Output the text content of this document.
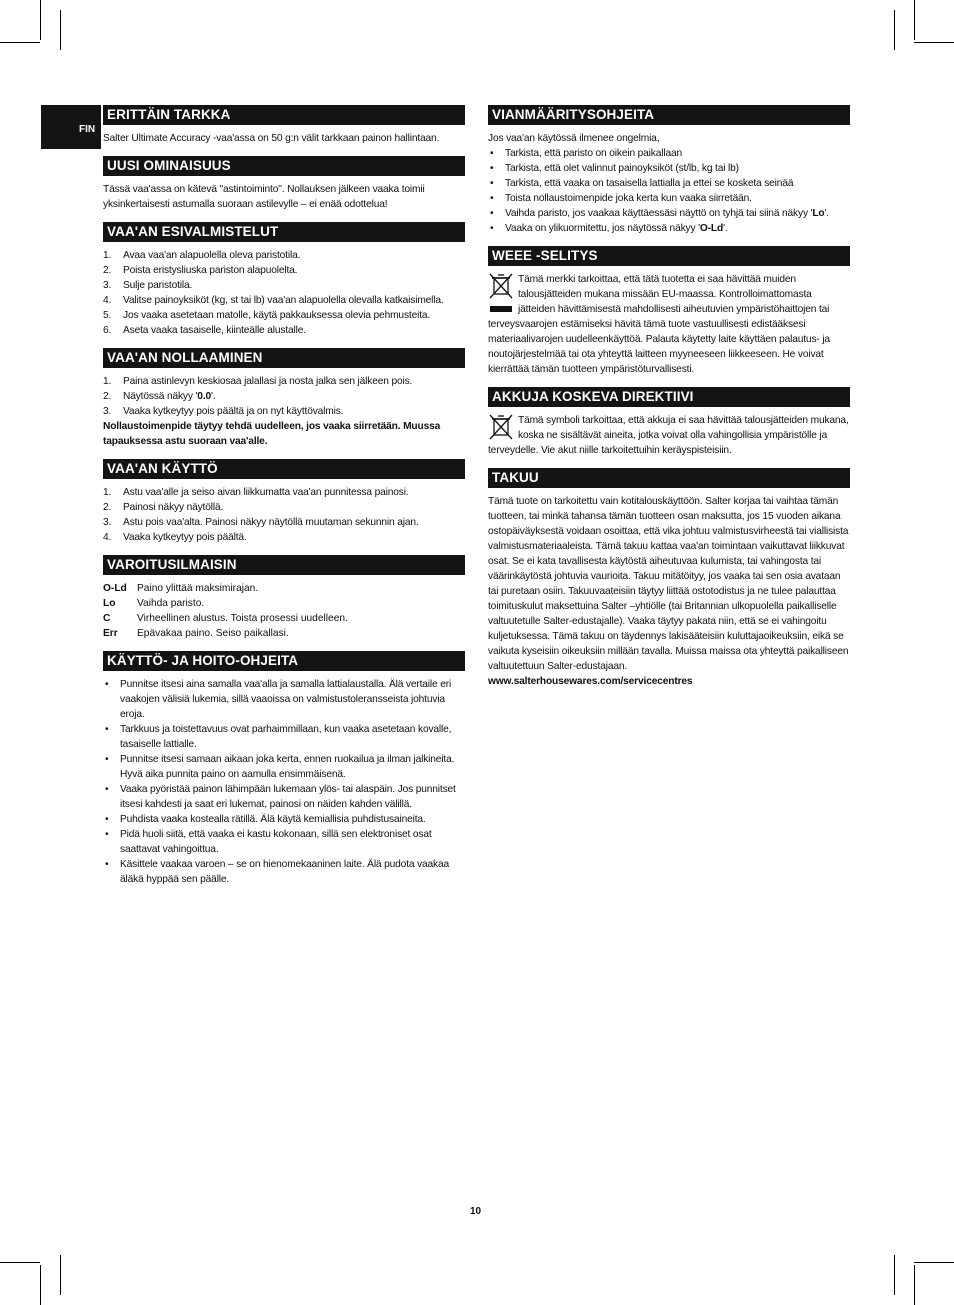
FIN
ERITTÄIN TARKKA

Salter Ultimate Accuracy -vaa'assa on 50 g:n välit tarkkaan painon hallintaan.

UUSI OMINAISUUS

Tässä vaa'assa on kätevä "astintoiminto". Nollauksen jälkeen vaaka toimii yksinkertaisesti astumalla suoraan astilevylle – ei enää odottelua!

VAA'AN ESIVALMISTELUT
1. Avaa vaa'an alapuolella oleva paristotila.
2. Poista eristysliuska pariston alapuolelta.
3. Sulje paristotila.
4. Valitse painoyksiköt (kg, st tai lb) vaa'an alapuolella olevalla katkaisimella.
5. Jos vaaka asetetaan matolle, käytä pakkauksessa olevia pehmusteita.
6. Aseta vaaka tasaiselle, kiinteälle alustalle.
VAA'AN NOLLAAMINEN
1. Paina astinlevyn keskiosaa jalallasi ja nosta jalka sen jälkeen pois.
2. Näytössä näkyy '0.0'.
3. Vaaka kytkeytyy pois päältä ja on nyt käyttövalmis.

Nollaustoimenpide täytyy tehdä uudelleen, jos vaaka siirretään. Muussa tapauksessa astu suoraan vaa'alle.

VAA'AN KÄYTTÖ
1. Astu vaa'alle ja seiso aivan liikkumatta vaa'an punnitessa painosi.
2. Painosi näkyy näytöllä.
3. Astu pois vaa'alta. Painosi näkyy näytöllä muutaman sekunnin ajan.
4. Vaaka kytkeytyy pois päältä.
VAROITUSILMAISIN
O-Ld	Paino ylittää maksimirajan.
Lo	Vaihda paristo.
C	Virheellinen alustus. Toista prosessi uudelleen.
Err	Epävakaa paino. Seiso paikallasi.
KÄYTTÖ- JA HOITO-OHJEITA
• Punnitse itsesi aina samalla vaa'alla ja samalla lattialaustalla. Älä vertaile eri vaakojen välisiä lukemia, sillä vaaoissa on valmistustoleransseista johtuvia eroja.
• Tarkkuus ja toistettavuus ovat parhaimmillaan, kun vaaka asetetaan kovalle, tasaiselle lattialle.
• Punnitse itsesi samaan aikaan joka kerta, ennen ruokailua ja ilman jalkineita. Hyvä aika punnita paino on aamulla ensimmäisenä.
• Vaaka pyöristää painon lähimpään lukemaan ylös- tai alaspäin. Jos punnitset itsesi kahdesti ja saat eri lukemat, painosi on näiden kahden välillä.
• Puhdista vaaka kostealla rätillä. Älä käytä kemiallisia puhdistusaineita.
• Pidä huoli siitä, että vaaka ei kastu kokonaan, sillä sen elektroniset osat saattavat vahingoittua.
• Käsittele vaakaa varoen – se on hienomekaaninen laite. Älä pudota vaakaa äläkä hyppää sen päälle.
VIANMÄÄRITYSOHJEITA

Jos vaa'an käytössä ilmenee ongelmia,

• Tarkista, että paristo on oikein paikallaan
• Tarkista, että olet valinnut painoyksiköt (st/lb, kg tai lb)
• Tarkista, että vaaka on tasaisella lattialla ja ettei se kosketa seinää
• Toista nollaustoimenpide joka kerta kun vaaka siirretään.
• Vaihda paristo, jos vaakaa käyttäessäsi näyttö on tyhjä tai siinä näkyy 'Lo'.
• Vaaka on ylikuormitettu, jos näytössä näkyy 'O-Ld'.
WEEE -SELITYS

Tämä merkki tarkoittaa, että tätä tuotetta ei saa hävittää muiden talousjätteiden mukana missään EU-maassa. Kontrolloimattomasta jätteiden hävittämisestä mahdollisesti aiheutuvien ympäristöhaittojen tai terveysvaarojen estämiseksi hävitä tämä tuote vastuullisesti edistääksesi materiaalivarojen uudelleenkäyttöä. Palauta käytetty laite käyttäen palautus- ja noutojärjestelmää tai ota yhteyttä laitteen myyneeseen liikkeeseen. He voivat kierrättää tämän tuotteen ympäristöturvallisesti.

AKKUJA KOSKEVA DIREKTIIVI

Tämä symboli tarkoittaa, että akkuja ei saa hävittää talousjätteiden mukana, koska ne sisältävät aineita, jotka voivat olla vahingollisia ympäristölle ja terveydelle. Vie akut niille tarkoitettuihin keräyspisteisiin.

TAKUU

Tämä tuote on tarkoitettu vain kotitalouskäyttöön. Salter korjaa tai vaihtaa tämän tuotteen, tai minkä tahansa tämän tuotteen osan maksutta, jos 15 vuoden aikana ostopäiväyksestä voidaan osoittaa, että vika johtuu valmistusvirheestä tai viallisista valmistusmateriaaleista. Tämä takuu kattaa vaa'an toimintaan vaikuttavat liikkuvat osat. Se ei kata tavallisesta käytöstä aiheutuvaa kulumista, tai vahingosta tai väärinkäytöstä johtuvia vaurioita. Takuu mitätöityy, jos vaaka tai sen osia avataan tai puretaan osiin. Takuuvaateisiin täytyy liittää ostotodistus ja ne tulee palauttaa toimituskulut maksettuina Salter –yhtiölle (tai Britannian ulkopuolella paikalliselle valtuutetulle Salter-edustajalle). Vaaka täytyy pakata niin, että se ei vahingoitu kuljetuksessa. Tämä takuu on täydennys lakisääteisiin kuluttajaoikeuksiin, eikä se vaikuta kyseisiin oikeuksiin millään tavalla. Muissa maissa ota yhteyttä paikalliseen valtuutettuun Salter-edustajaan.

www.salterhousewares.com/servicecentres

10
